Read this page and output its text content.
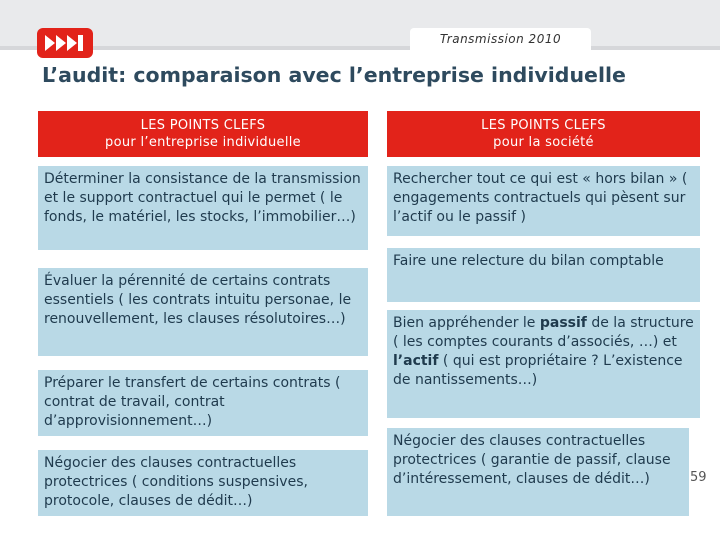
Transmission 2010
L’audit: comparaison avec l’entreprise individuelle
LES POINTS CLEFS
pour l’entreprise individuelle
LES POINTS CLEFS
pour la société
Déterminer la consistance de la transmission et le support contractuel qui le permet ( le fonds, le matériel, les stocks, l’immobilier…)
Évaluer la pérennité de certains contrats essentiels ( les contrats intuitu personae, le renouvellement, les clauses résolutoires…)
Préparer le transfert de certains contrats ( contrat de travail, contrat d’approvisionnement…)
Négocier des clauses contractuelles protectrices ( conditions suspensives, protocole, clauses de dédit…)
Rechercher tout ce qui est « hors bilan » ( engagements contractuels qui pèsent sur l’actif ou le passif )
Faire une relecture du bilan comptable
Bien appréhender le passif de la structure ( les comptes courants d’associés, …) et l’actif ( qui est propriétaire ? L’existence de nantissements…)
Négocier des clauses contractuelles protectrices ( garantie de passif, clause d’intéressement, clauses de dédit…)	59
